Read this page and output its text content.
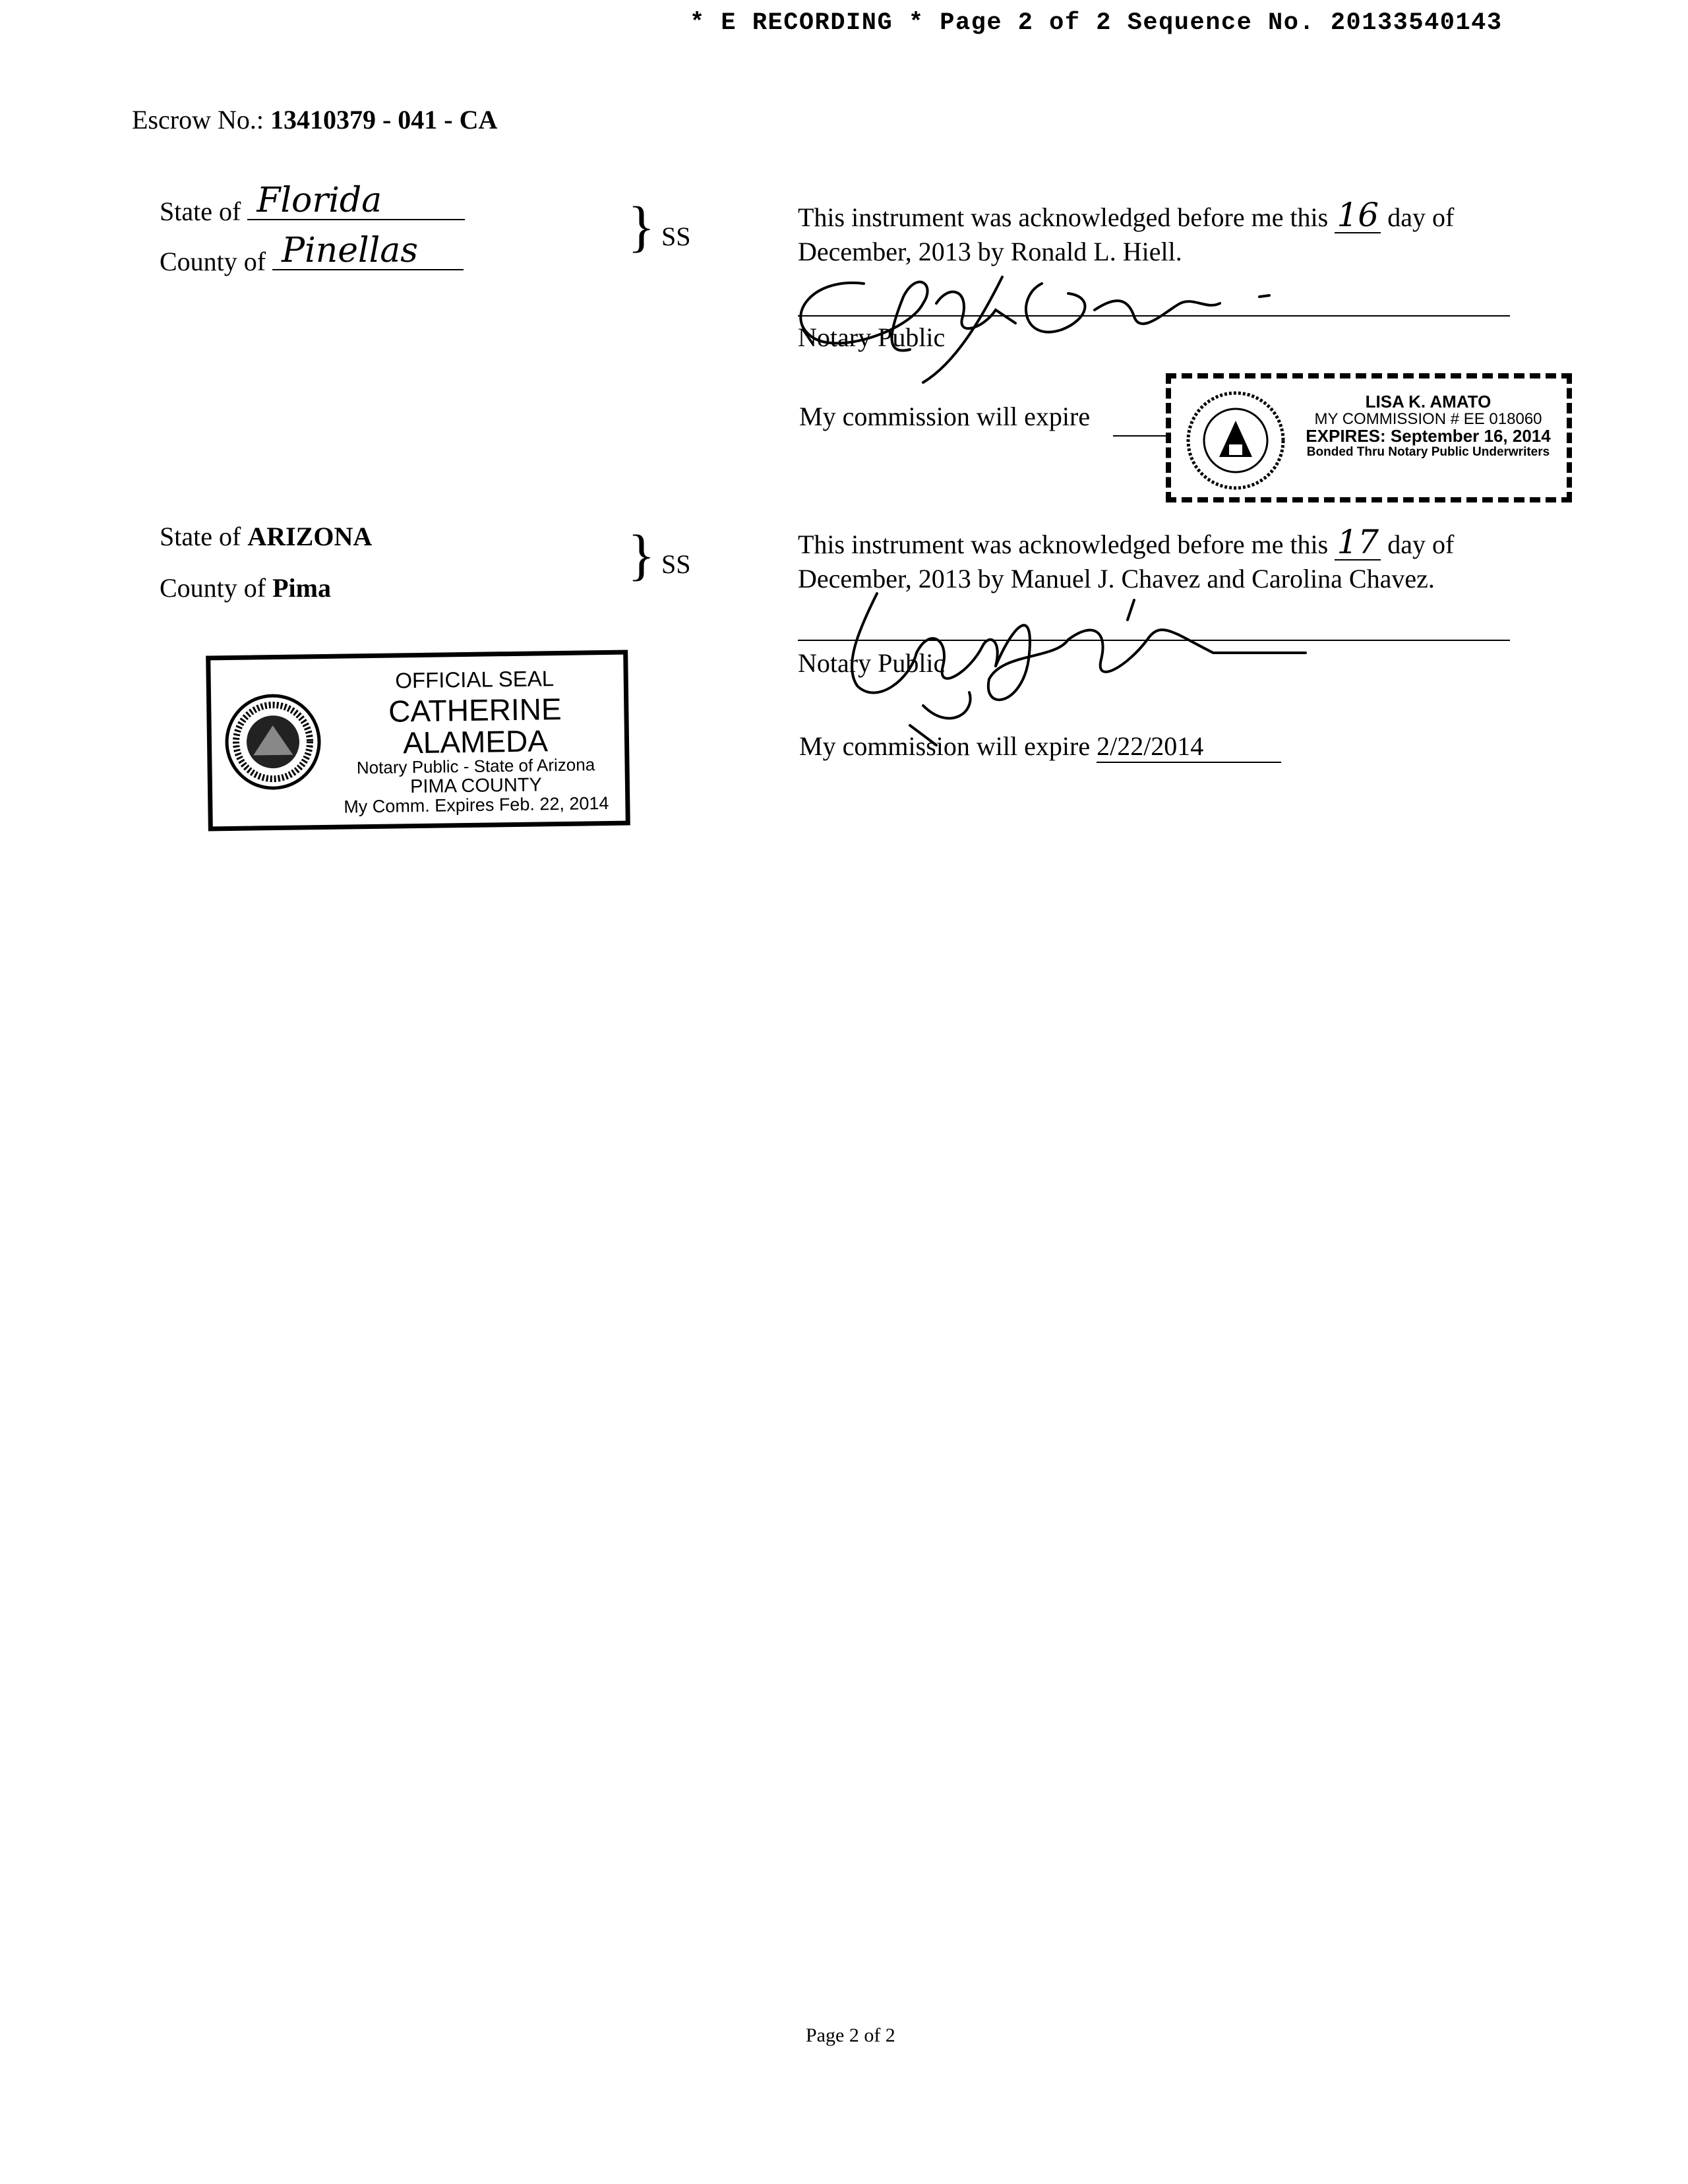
* E RECORDING * Page 2 of 2 Sequence No. 20133540143
Escrow No.: 13410379 - 041 - CA
State of Florida
County of Pinellas	} SS
This instrument was acknowledged before me this 16 day of
December, 2013 by Ronald L. Hiell.
Notary Public
My commission will expire	LISA K. AMATO
MY COMMISSION # EE 018060
EXPIRES: September 16, 2014
Bonded Thru Notary Public Underwriters
State of ARIZONA
County of Pima
} SS
This instrument was acknowledged before me this 17 day of
December, 2013 by Manuel J. Chavez and Carolina Chavez.
Notary Public
My commission will expire 2/22/2014
OFFICIAL SEAL
CATHERINE ALAMEDA
Notary Public - State of Arizona
PIMA COUNTY
My Comm. Expires Feb. 22, 2014
Page 2 of 2
